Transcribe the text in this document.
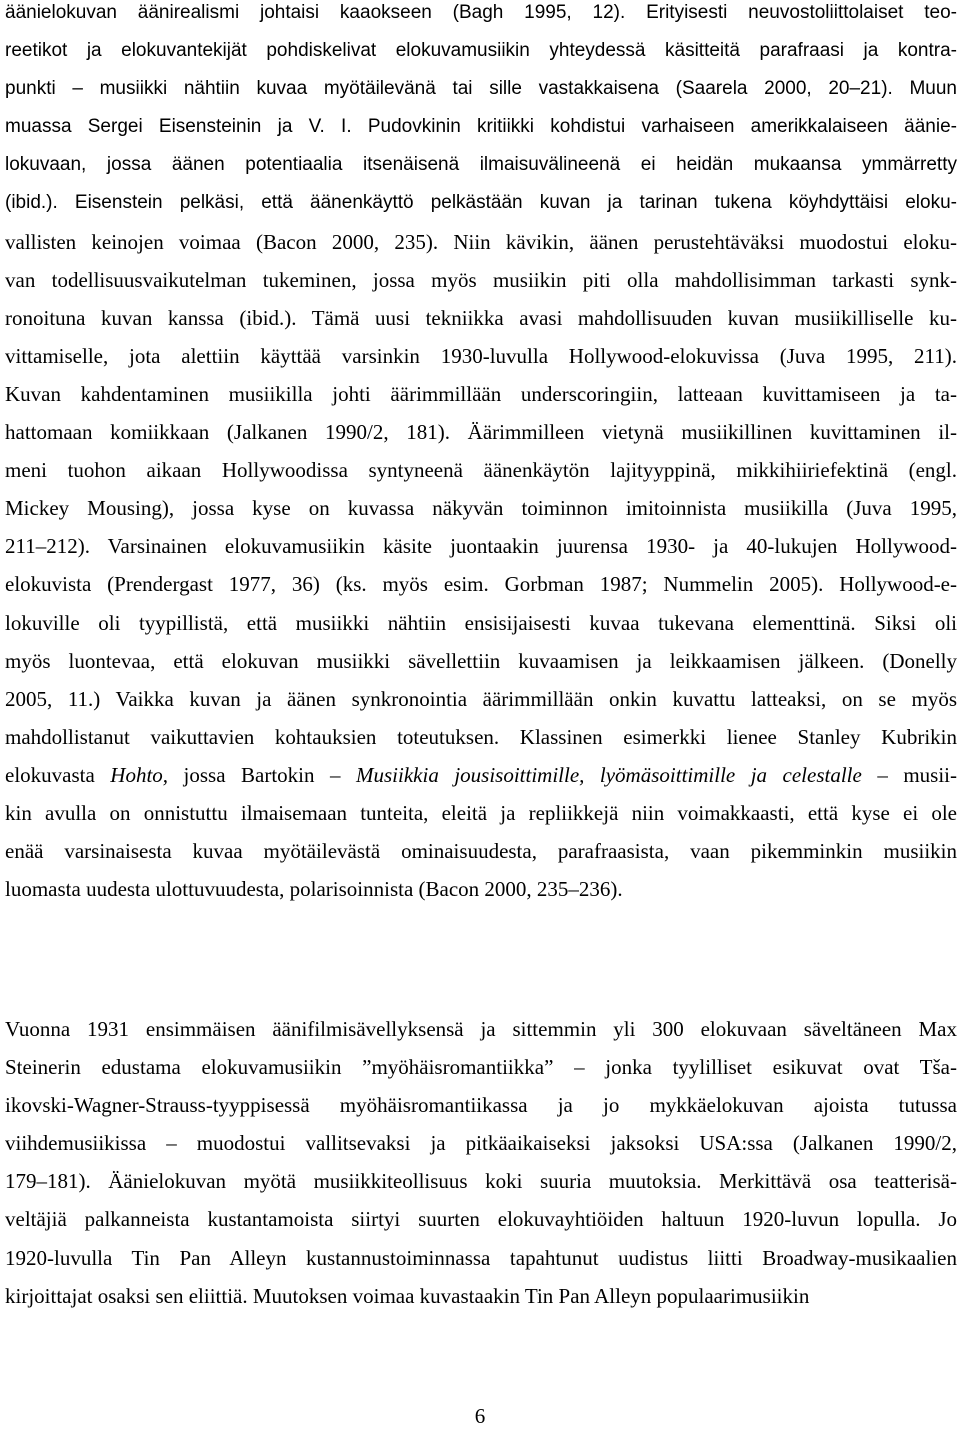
äänielokuvan äänirealismi johtaisi kaaokseen (Bagh 1995, 12). Erityisesti neuvostoliittolaiset teo-
reetikot ja elokuvantekijät pohdiskelivat elokuvamusiikin yhteydessä käsitteitä parafraasi ja kontra-
punkti – musiikki nähtiin kuvaa myötäilevänä tai sille vastakkaisena (Saarela 2000, 20–21). Muun
muassa Sergei Eisensteinin ja V. I. Pudovkinin kritiikki kohdistui varhaiseen amerikkalaiseen äänie-
lokuvaan, jossa äänen potentiaalia itsenäisenä ilmaisuvälineenä ei heidän mukaansa ymmärretty
(ibid.). Eisenstein pelkäsi, että äänenkäyttö pelkästään kuvan ja tarinan tukena köyhdyttäisi eloku-
vallisten keinojen voimaa (Bacon 2000, 235). Niin kävikin, äänen perustehtäväksi muodostui eloku-
van todellisuusvaikutelman tukeminen, jossa myös musiikin piti olla mahdollisimman tarkasti synk-
ronoituna kuvan kanssa (ibid.). Tämä uusi tekniikka avasi mahdollisuuden kuvan musiikilliselle ku-
vittamiselle, jota alettiin käyttää varsinkin 1930-luvulla Hollywood-elokuvissa (Juva 1995, 211).
Kuvan kahdentaminen musiikilla johti äärimmillään underscoringiin, latteaan kuvittamiseen ja ta-
hattomaan komiikkaan (Jalkanen 1990/2, 181). Äärimmilleen vietynä musiikillinen kuvittaminen il-
meni tuohon aikaan Hollywoodissa syntyneenä äänenkäytön lajityyppinä, mikkihiiriefektinä (engl.
Mickey Mousing), jossa kyse on kuvassa näkyvän toiminnon imitoinnista musiikilla (Juva 1995,
211–212). Varsinainen elokuvamusiikin käsite juontaakin juurensa 1930- ja 40-lukujen Hollywood-
elokuvista (Prendergast 1977, 36) (ks. myös esim. Gorbman 1987; Nummelin 2005). Hollywood-e-
lokuville oli tyypillistä, että musiikki nähtiin ensisijaisesti kuvaa tukevana elementtinä. Siksi oli
myös luontevaa, että elokuvan musiikki sävellettiin kuvaamisen ja leikkaamisen jälkeen. (Donelly
2005, 11.) Vaikka kuvan ja äänen synkronointia äärimmillään onkin kuvattu latteaksi, on se myös
mahdollistanut vaikuttavien kohtauksien toteutuksen. Klassinen esimerkki lienee Stanley Kubrikin
elokuvasta Hohto, jossa Bartokin – Musiikkia jousisoittimille, lyömäsoittimille ja celestalle – musii-
kin avulla on onnistuttu ilmaisemaan tunteita, eleitä ja repliikkejä niin voimakkaasti, että kyse ei ole
enää varsinaisesta kuvaa myötäilevästä ominaisuudesta, parafraasista, vaan pikemminkin musiikin
luomasta uudesta ulottuvuudesta, polarisoinnista (Bacon 2000, 235–236).
Vuonna 1931 ensimmäisen äänifilmisävellyksensä ja sittemmin yli 300 elokuvaan säveltäneen Max
Steinerin edustama elokuvamusiikin ”myöhäisromantiikka” – jonka tyylilliset esikuvat ovat Tša-
ikovski-Wagner-Strauss-tyyppisessä myöhäisromantiikassa ja jo mykkäelokuvan ajoista tutussa
viihdemusiikissa – muodostui vallitsevaksi ja pitkäaikaiseksi jaksoksi USA:ssa (Jalkanen 1990/2,
179–181). Äänielokuvan myötä musiikkiteollisuus koki suuria muutoksia. Merkittävä osa teatterisä-
veltäjiä palkanneista kustantamoista siirtyi suurten elokuvayhtiöiden haltuun 1920-luvun lopulla. Jo
1920-luvulla Tin Pan Alleyn kustannustoiminnassa tapahtunut uudistus liitti Broadway-musikaalien
kirjoittajat osaksi sen eliittiä. Muutoksen voimaa kuvastaakin Tin Pan Alleyn populaarimusiikin
6
